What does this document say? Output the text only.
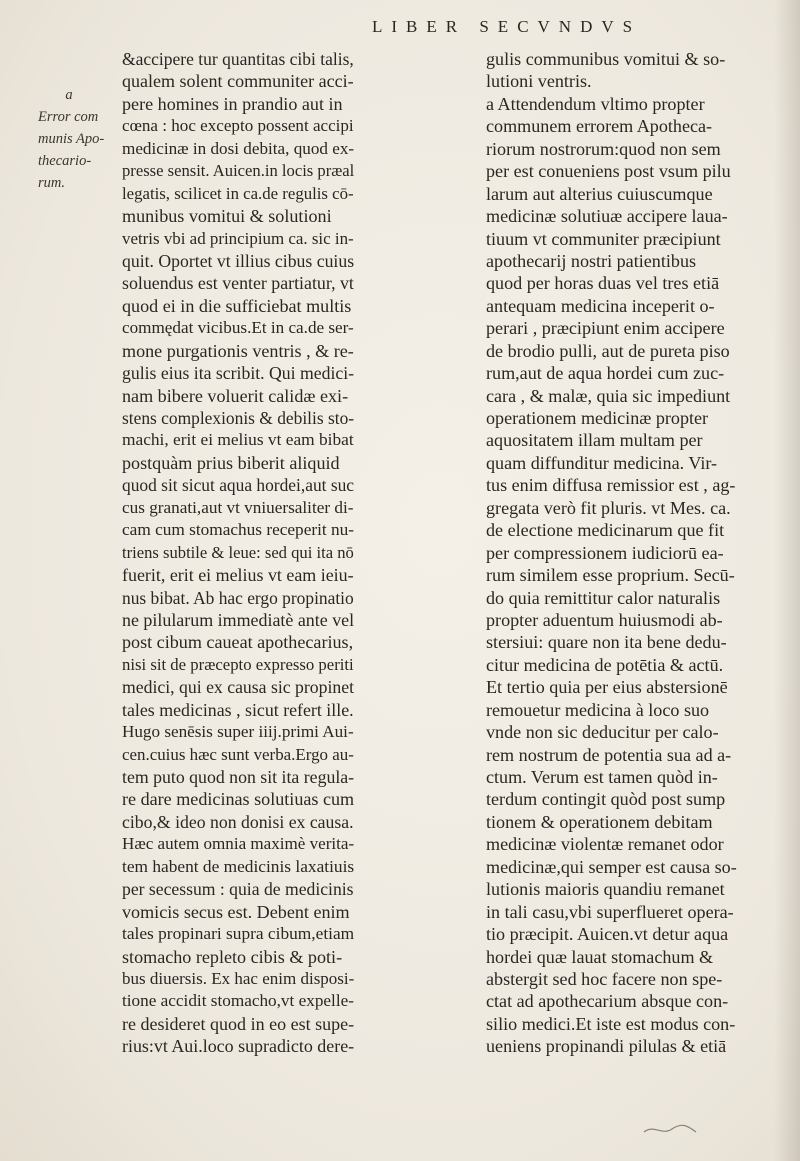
LIBER SECVNDVS
a
Error com
munis Apo-
thecario-
rum.
&accipere tur quantitas cibi talis,
qualem solent communiter acci-
pere homines in prandio aut in
cœna : hoc excepto possent accipi
medicinæ in dosi debita, quod ex-
presse sensit. Auicen.in locis præal
legatis, scilicet in ca.de regulis cō-
munibus vomitui & solutioni
vetris vbi ad principium ca. sic in-
quit. Oportet vt illius cibus cuius
soluendus est venter partiatur, vt
quod ei in die sufficiebat multis
commędat vicibus.Et in ca.de ser-
mone purgationis ventris , & re-
gulis eius ita scribit. Qui medici-
nam bibere voluerit calidæ exi-
stens complexionis & debilis sto-
machi, erit ei melius vt eam bibat
postquàm prius biberit aliquid
quod sit sicut aqua hordei,aut suc
cus granati,aut vt vniuersaliter di-
cam cum stomachus receperit nu-
triens subtile & leue: sed qui ita nō
fuerit, erit ei melius vt eam ieiu-
nus bibat. Ab hac ergo propinatio
ne pilularum immediatè ante vel
post cibum caueat apothecarius,
nisi sit de præcepto expresso periti
medici, qui ex causa sic propinet
tales medicinas , sicut refert ille.
Hugo senēsis super iiij.primi Aui-
cen.cuius hæc sunt verba.Ergo au-
tem puto quod non sit ita regula-
re dare medicinas solutiuas cum
cibo,& ideo non donisi ex causa.
Hæc autem omnia maximè verita-
tem habent de medicinis laxatiuis
per secessum : quia de medicinis
vomicis secus est. Debent enim
tales propinari supra cibum,etiam
stomacho repleto cibis & poti-
bus diuersis. Ex hac enim disposi-
tione accidit stomacho,vt expelle-
re desideret quod in eo est supe-
rius:vt Aui.loco supradicto dere-
gulis communibus vomitui & so-
lutioni ventris.
a Attendendum vltimo propter
communem errorem Apotheca-
riorum nostrorum:quod non sem
per est conueniens post vsum pilu
larum aut alterius cuiuscumque
medicinæ solutiuæ accipere laua-
tiuum vt communiter præcipiunt
apothecarij nostri patientibus
quod per horas duas vel tres etiā
antequam medicina inceperit o-
perari , præcipiunt enim accipere
de brodio pulli, aut de pureta piso
rum,aut de aqua hordei cum zuc-
cara , & malæ, quia sic impediunt
operationem medicinæ propter
aquositatem illam multam per
quam diffunditur medicina. Vir-
tus enim diffusa remissior est , ag-
gregata verò fit pluris. vt Mes. ca.
de electione medicinarum que fit
per compressionem iudiciorū ea-
rum similem esse proprium. Secū-
do quia remittitur calor naturalis
propter aduentum huiusmodi ab-
stersiui: quare non ita bene dedu-
citur medicina de potētia & actū.
Et tertio quia per eius abstersionē
remouetur medicina à loco suo
vnde non sic deducitur per calo-
rem nostrum de potentia sua ad a-
ctum. Verum est tamen quòd in-
terdum contingit quòd post sump
tionem & operationem debitam
medicinæ violentæ remanet odor
medicinæ,qui semper est causa so-
lutionis maioris quandiu remanet
in tali casu,vbi superflueret opera-
tio præcipit. Auicen.vt detur aqua
hordei quæ lauat stomachum &
abstergit sed hoc facere non spe-
ctat ad apothecarium absque con-
silio medici.Et iste est modus con-
ueniens propinandi pilulas & etiā
